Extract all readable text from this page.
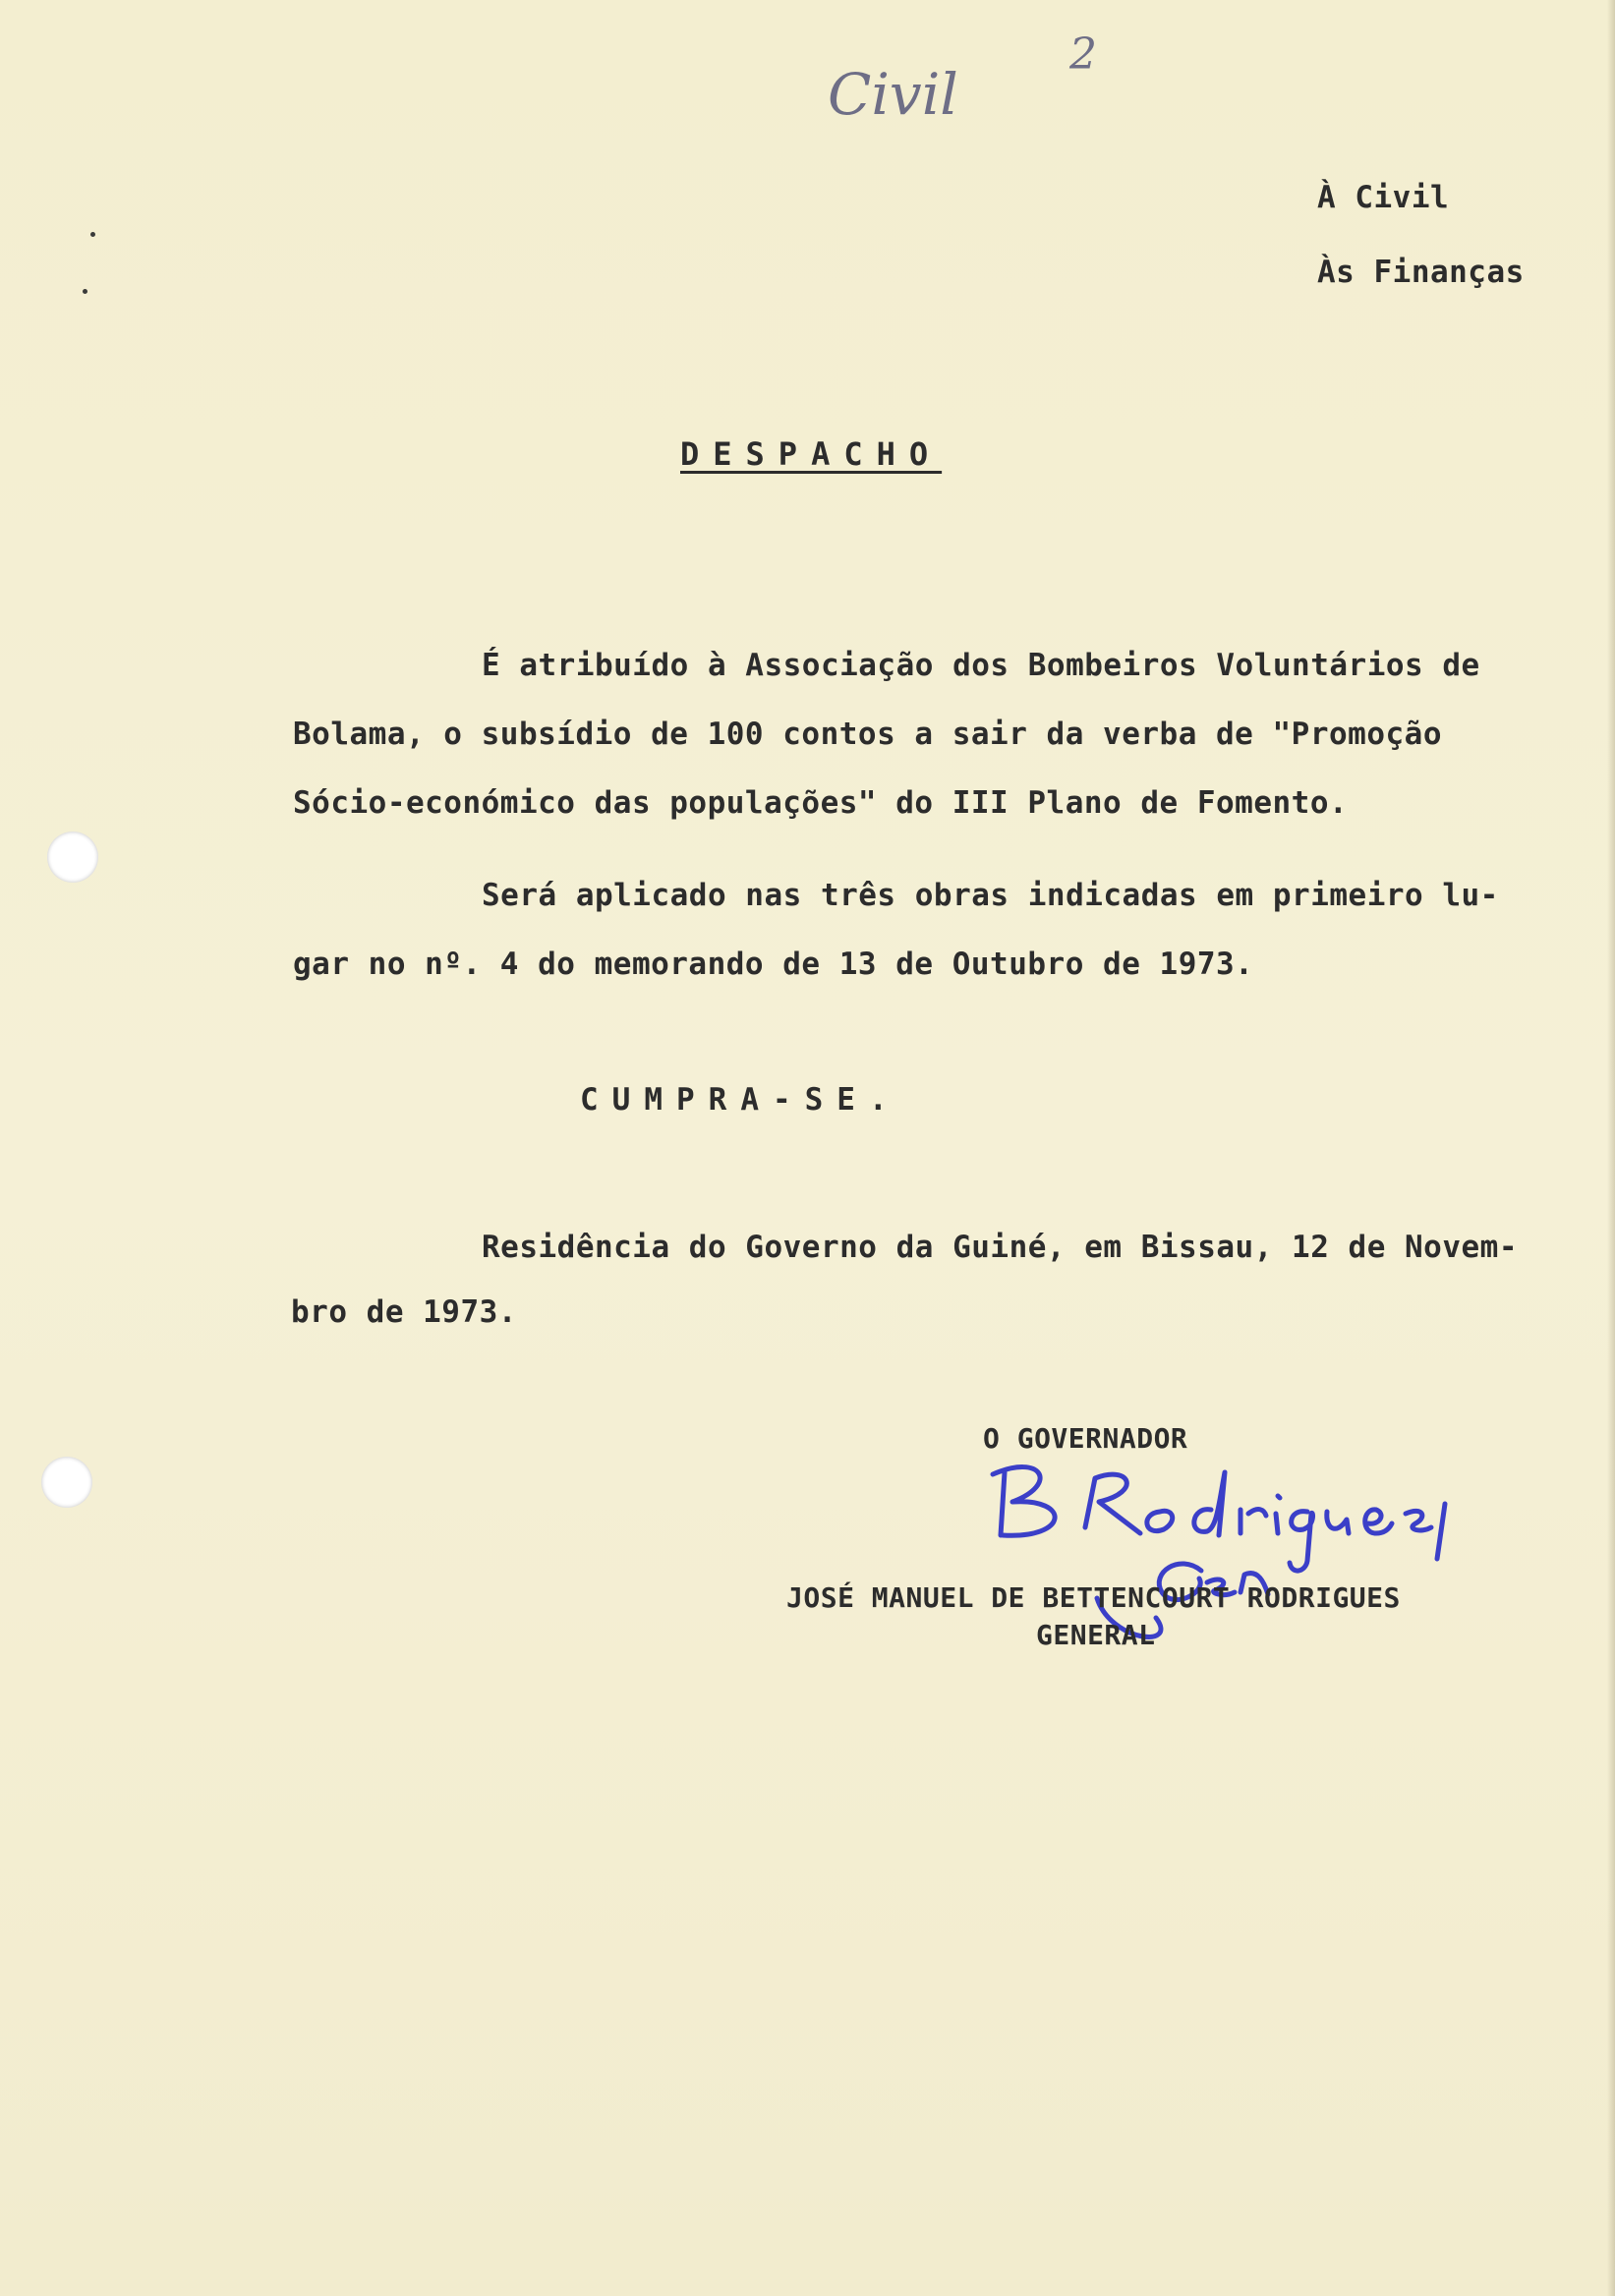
Civil
2
À Civil
Às Finanças
DESPACHO
É atribuído à Associação dos Bombeiros Voluntários de
Bolama, o subsídio de 100 contos a sair da verba de "Promoção
Sócio-económico das populações" do III Plano de Fomento.
Será aplicado nas três obras indicadas em primeiro lu-
gar no nº. 4 do memorando de 13 de Outubro de 1973.
CUMPRA-SE.
Residência do Governo da Guiné, em Bissau, 12 de Novem-
bro de 1973.
O GOVERNADOR
JOSÉ MANUEL DE BETTENCOURT RODRIGUES
GENERAL
